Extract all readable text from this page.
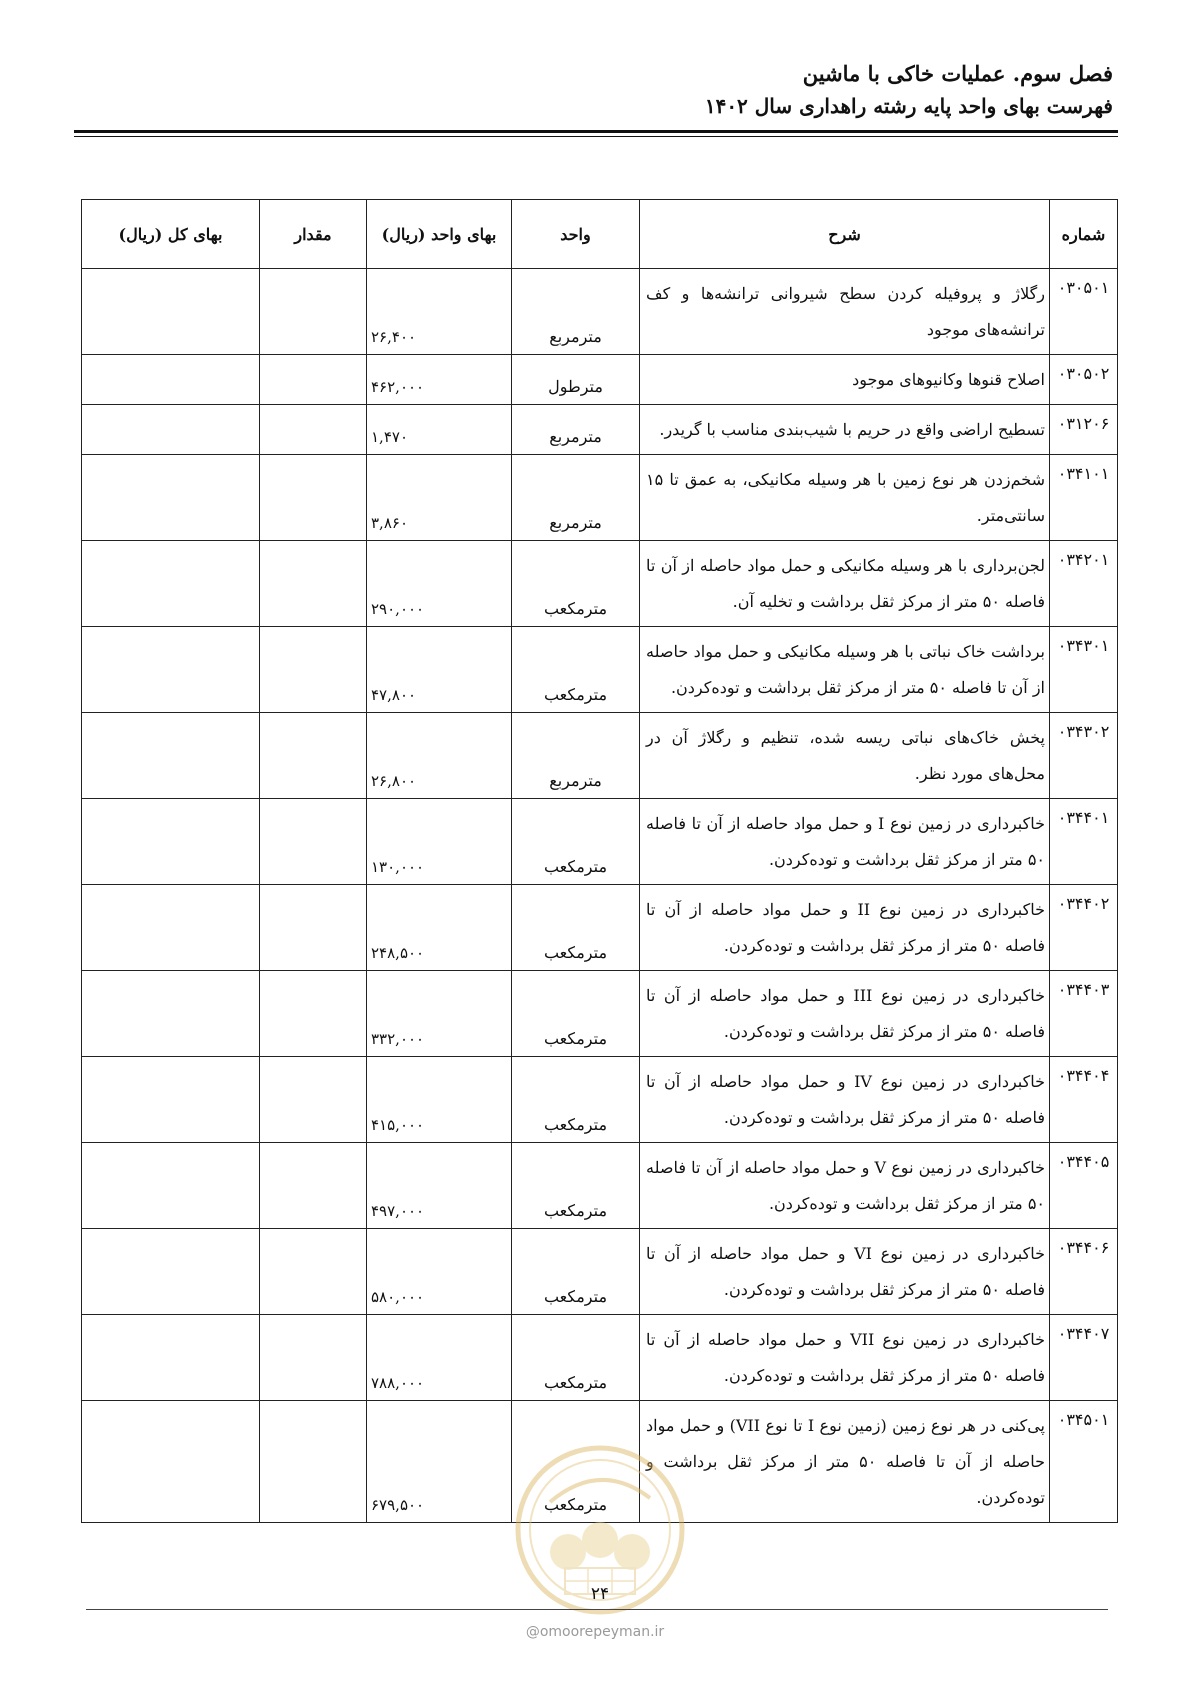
فصل سوم. عملیات خاکی با ماشین
فهرست بهای واحد پایه رشته راهداری سال ۱۴۰۲
شماره	شرح	واحد	بهای واحد (ریال)	مقدار	بهای کل (ریال)
۰۳۰۵۰۱	رگلاژ و پروفیله کردن سطح شیروانی ترانشه‌ها و کف ترانشه‌های موجود	مترمربع	۲۶,۴۰۰		
۰۳۰۵۰۲	اصلاح قنوها وکانیوهای موجود	مترطول	۴۶۲,۰۰۰		
۰۳۱۲۰۶	تسطیح اراضی واقع در حریم با شیب‌بندی مناسب با گریدر.	مترمربع	۱,۴۷۰		
۰۳۴۱۰۱	شخم‌زدن هر نوع زمین با هر وسیله مکانیکی، به عمق تا ۱۵ سانتی‌متر.	مترمربع	۳,۸۶۰		
۰۳۴۲۰۱	لجن‌برداری با هر وسیله مکانیکی و حمل مواد حاصله از آن تا فاصله ۵۰ متر از مرکز ثقل برداشت و تخلیه آن.	مترمکعب	۲۹۰,۰۰۰		
۰۳۴۳۰۱	برداشت خاک نباتی با هر وسیله مکانیکی و حمل مواد حاصله از آن تا فاصله ۵۰ متر از مرکز ثقل برداشت و توده‌کردن.	مترمکعب	۴۷,۸۰۰		
۰۳۴۳۰۲	پخش خاک‌های نباتی ریسه شده، تنظیم و رگلاژ آن در محل‌های مورد نظر.	مترمربع	۲۶,۸۰۰		
۰۳۴۴۰۱	خاکبرداری در زمین نوع I و حمل مواد حاصله از آن تا فاصله ۵۰ متر از مرکز ثقل برداشت و توده‌کردن.	مترمکعب	۱۳۰,۰۰۰		
۰۳۴۴۰۲	خاکبرداری در زمین نوع II و حمل مواد حاصله از آن تا فاصله ۵۰ متر از مرکز ثقل برداشت و توده‌کردن.	مترمکعب	۲۴۸,۵۰۰		
۰۳۴۴۰۳	خاکبرداری در زمین نوع III و حمل مواد حاصله از آن تا فاصله ۵۰ متر از مرکز ثقل برداشت و توده‌کردن.	مترمکعب	۳۳۲,۰۰۰		
۰۳۴۴۰۴	خاکبرداری در زمین نوع IV و حمل مواد حاصله از آن تا فاصله ۵۰ متر از مرکز ثقل برداشت و توده‌کردن.	مترمکعب	۴۱۵,۰۰۰		
۰۳۴۴۰۵	خاکبرداری در زمین نوع V و حمل مواد حاصله از آن تا فاصله ۵۰ متر از مرکز ثقل برداشت و توده‌کردن.	مترمکعب	۴۹۷,۰۰۰		
۰۳۴۴۰۶	خاکبرداری در زمین نوع VI و حمل مواد حاصله از آن تا فاصله ۵۰ متر از مرکز ثقل برداشت و توده‌کردن.	مترمکعب	۵۸۰,۰۰۰		
۰۳۴۴۰۷	خاکبرداری در زمین نوع VII و حمل مواد حاصله از آن تا فاصله ۵۰ متر از مرکز ثقل برداشت و توده‌کردن.	مترمکعب	۷۸۸,۰۰۰		
۰۳۴۵۰۱	پی‌کنی در هر نوع زمین (زمین نوع I تا نوع VII) و حمل مواد حاصله از آن تا فاصله ۵۰ متر از مرکز ثقل برداشت و توده‌کردن.	مترمکعب	۶۷۹,۵۰۰		
۲۴
@omoorepeyman.ir
